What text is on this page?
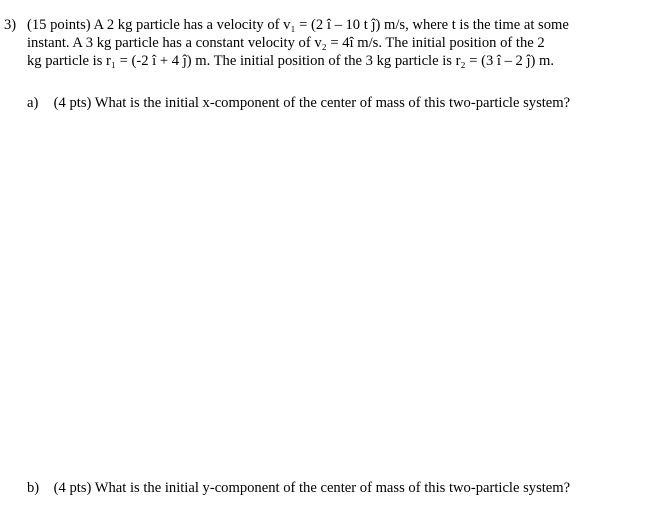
3) (15 points) A 2 kg particle has a velocity of v₁ = (2 î – 10 t ĵ) m/s, where t is the time at some
instant. A 3 kg particle has a constant velocity of v₂ = 4î m/s. The initial position of the 2
kg particle is r₁ = (-2 î + 4 ĵ) m. The initial position of the 3 kg particle is r₂ = (3 î – 2 ĵ) m.
a) (4 pts) What is the initial x-component of the center of mass of this two-particle system?
b) (4 pts) What is the initial y-component of the center of mass of this two-particle system?
